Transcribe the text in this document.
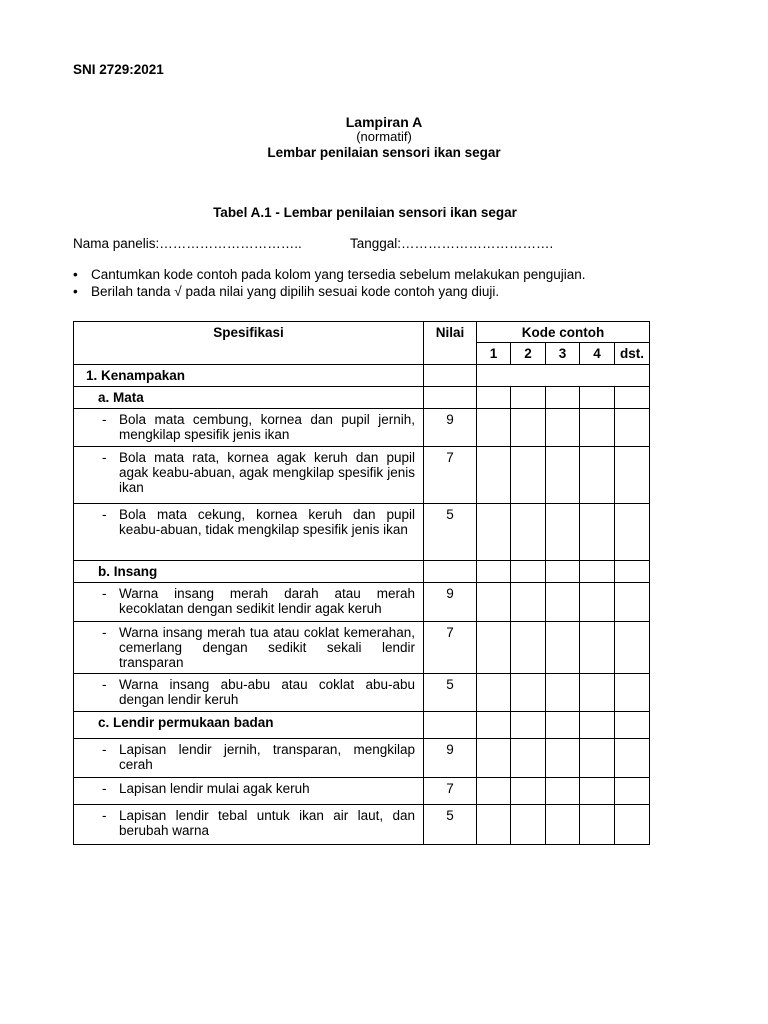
SNI 2729:2021
Lampiran A
(normatif)
Lembar penilaian sensori ikan segar
Tabel A.1 - Lembar penilaian sensori ikan segar
Nama panelis:…………………………..	Tanggal:…………………………….
• Cantumkan kode contoh pada kolom yang tersedia sebelum melakukan pengujian.
• Berilah tanda √ pada nilai yang dipilih sesuai kode contoh yang diuji.
Spesifikasi	Nilai	Kode contoh				
		1	2	3	4	dst.
1. Kenampakan						
a. Mata						

- Bola mata cembung, kornea dan pupil jernih, mengkilap spesifik jenis ikan	9					

- Bola mata rata, kornea agak keruh dan pupil agak keabu-abuan, agak mengkilap spesifik jenis ikan	7					

- Bola mata cekung, kornea keruh dan pupil keabu-abuan, tidak mengkilap spesifik jenis ikan	5					
b. Insang						

- Warna insang merah darah atau merah kecoklatan dengan sedikit lendir agak keruh	9					

- Warna insang merah tua atau coklat kemerahan, cemerlang dengan sedikit sekali lendir transparan	7					

- Warna insang abu-abu atau coklat abu-abu dengan lendir keruh	5					
c. Lendir permukaan badan						

- Lapisan lendir jernih, transparan, mengkilap cerah	9					

- Lapisan lendir mulai agak keruh	7					

- Lapisan lendir tebal untuk ikan air laut, dan berubah warna	5					
